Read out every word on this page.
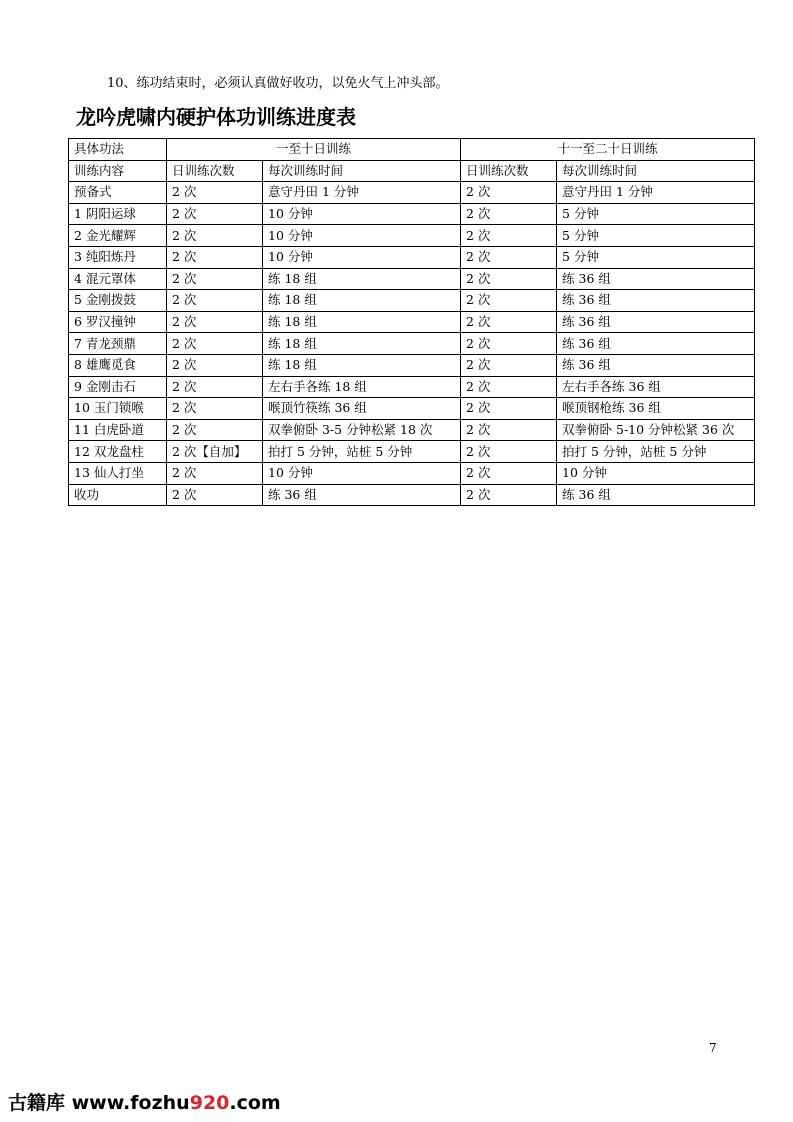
10、练功结束时，必须认真做好收功，以免火气上冲头部。
龙吟虎啸内硬护体功训练进度表
具体功法	一至十日训练		十一至二十日训练	
训练内容	日训练次数	每次训练时间	日训练次数	每次训练时间
预备式	2 次	意守丹田 1 分钟	2 次	意守丹田 1 分钟
1 阴阳运球	2 次	10 分钟	2 次	5 分钟
2 金光耀辉	2 次	10 分钟	2 次	5 分钟
3 纯阳炼丹	2 次	10 分钟	2 次	5 分钟
4 混元罩体	2 次	练 18 组	2 次	练 36 组
5 金刚拨鼓	2 次	练 18 组	2 次	练 36 组
6 罗汉撞钟	2 次	练 18 组	2 次	练 36 组
7 青龙颈鼎	2 次	练 18 组	2 次	练 36 组
8 雄鹰觅食	2 次	练 18 组	2 次	练 36 组
9 金刚击石	2 次	左右手各练 18 组	2 次	左右手各练 36 组
10 玉门锁喉	2 次	喉顶竹筷练 36 组	2 次	喉顶钢枪练 36 组
11 白虎卧道	2 次	双拳俯卧 3-5 分钟松紧 18 次	2 次	双拳俯卧 5-10 分钟松紧 36 次
12 双龙盘柱	2 次【自加】	拍打 5 分钟，站桩 5 分钟	2 次	拍打 5 分钟，站桩 5 分钟
13 仙人打坐	2 次	10 分钟	2 次	10 分钟
收功	2 次	练 36 组	2 次	练 36 组
7
古籍库 www.fozhu920.com
